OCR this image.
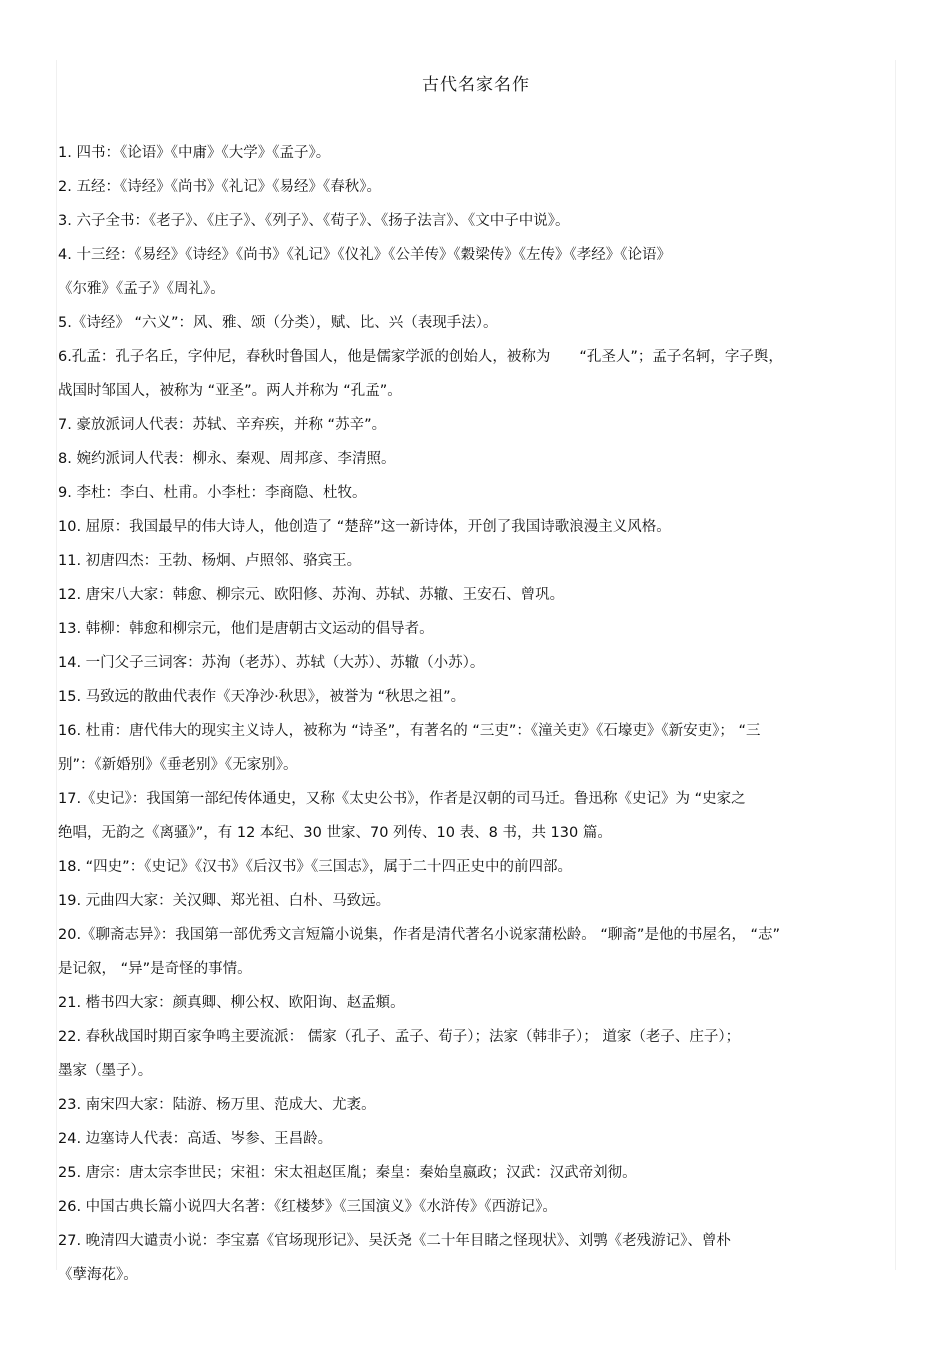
古代名家名作
1. 四书：《论语》《中庸》《大学》《孟子》。
2. 五经：《诗经》《尚书》《礼记》《易经》《春秋》。
3. 六子全书：《老子》、《庄子》、《列子》、《荀子》、《扬子法言》、《文中子中说》。
4. 十三经：《易经》《诗经》《尚书》《礼记》《仪礼》《公羊传》《穀梁传》《左传》《孝经》《论语》
《尔雅》《孟子》《周礼》。
5.《诗经》 “六义”：风、雅、颂（分类），赋、比、兴（表现手法）。
6.孔孟：孔子名丘，字仲尼，春秋时鲁国人，他是儒家学派的创始人，被称为　　“孔圣人”；孟子名轲，字子舆，
战国时邹国人，被称为 “亚圣”。两人并称为 “孔孟”。
7. 豪放派词人代表：苏轼、辛弃疾，并称 “苏辛”。
8. 婉约派词人代表：柳永、秦观、周邦彦、李清照。
9. 李杜：李白、杜甫。小李杜：李商隐、杜牧。
10. 屈原：我国最早的伟大诗人，他创造了 “楚辞”这一新诗体，开创了我国诗歌浪漫主义风格。
11. 初唐四杰：王勃、杨炯、卢照邻、骆宾王。
12. 唐宋八大家：韩愈、柳宗元、欧阳修、苏洵、苏轼、苏辙、王安石、曾巩。
13. 韩柳：韩愈和柳宗元，他们是唐朝古文运动的倡导者。
14. 一门父子三词客：苏洵（老苏）、苏轼（大苏）、苏辙（小苏）。
15. 马致远的散曲代表作《天净沙·秋思》，被誉为 “秋思之祖”。
16. 杜甫：唐代伟大的现实主义诗人，被称为 “诗圣”，有著名的 “三吏”：《潼关吏》《石壕吏》《新安吏》； “三
别”：《新婚别》《垂老别》《无家别》。
17.《史记》：我国第一部纪传体通史，又称《太史公书》，作者是汉朝的司马迁。鲁迅称《史记》为 “史家之
绝唱，无韵之《离骚》”，有 12 本纪、30 世家、70 列传、10 表、8 书，共 130 篇。
18. “四史”：《史记》《汉书》《后汉书》《三国志》，属于二十四正史中的前四部。
19. 元曲四大家：关汉卿、郑光祖、白朴、马致远。
20.《聊斋志异》：我国第一部优秀文言短篇小说集，作者是清代著名小说家蒲松龄。 “聊斋”是他的书屋名， “志”
是记叙， “异”是奇怪的事情。
21. 楷书四大家：颜真卿、柳公权、欧阳询、赵孟頫。
22. 春秋战国时期百家争鸣主要流派： 儒家（孔子、孟子、荀子）；法家（韩非子）； 道家（老子、庄子）；
墨家（墨子）。
23. 南宋四大家：陆游、杨万里、范成大、尤袤。
24. 边塞诗人代表：高适、岑参、王昌龄。
25. 唐宗：唐太宗李世民；宋祖：宋太祖赵匡胤；秦皇：秦始皇嬴政；汉武：汉武帝刘彻。
26. 中国古典长篇小说四大名著：《红楼梦》《三国演义》《水浒传》《西游记》。
27. 晚清四大谴责小说：李宝嘉《官场现形记》、吴沃尧《二十年目睹之怪现状》、刘鹗《老残游记》、曾朴
《孽海花》。
